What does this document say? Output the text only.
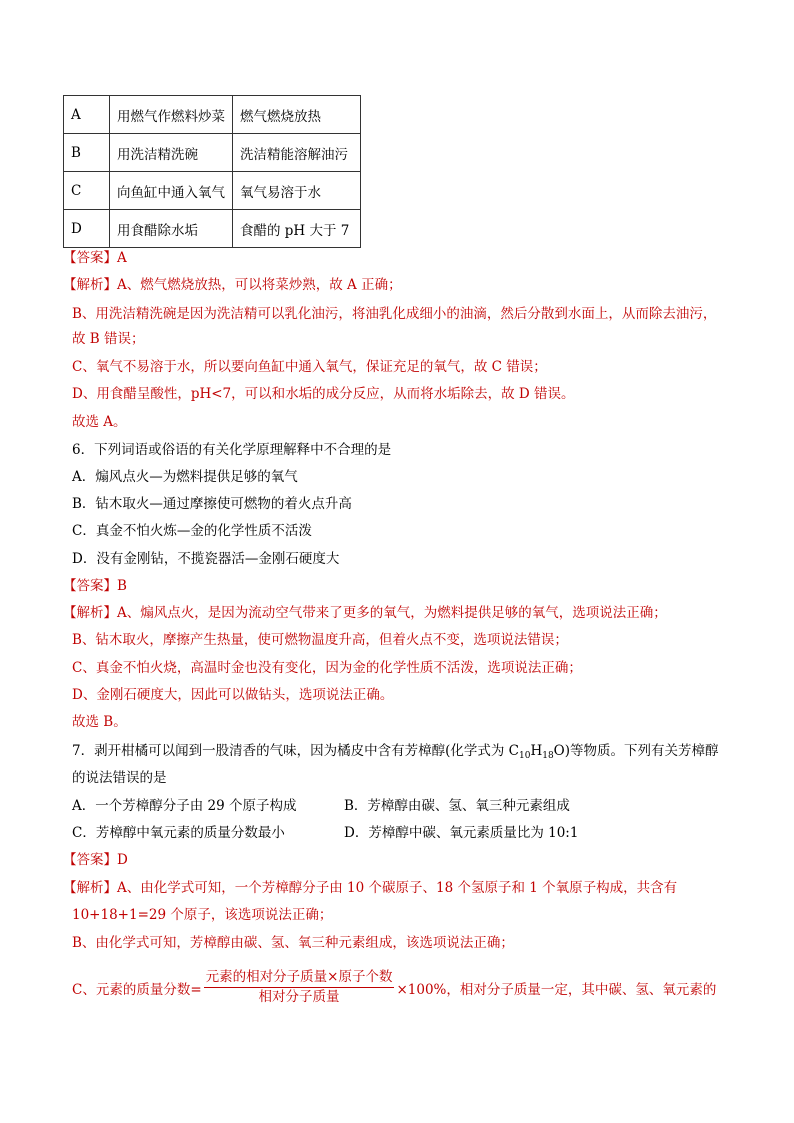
A	用燃气作燃料炒菜	燃气燃烧放热
B	用洗洁精洗碗	洗洁精能溶解油污
C	向鱼缸中通入氧气	氧气易溶于水
D	用食醋除水垢	食醋的 pH 大于 7
【答案】A
【解析】A、燃气燃烧放热，可以将菜炒熟，故 A 正确；
B、用洗洁精洗碗是因为洗洁精可以乳化油污，将油乳化成细小的油滴，然后分散到水面上，从而除去油污，
故 B 错误；
C、氧气不易溶于水，所以要向鱼缸中通入氧气，保证充足的氧气，故 C 错误；
D、用食醋呈酸性，pH<7，可以和水垢的成分反应，从而将水垢除去，故 D 错误。
故选 A。
6．下列词语或俗语的有关化学原理解释中不合理的是
A．煽风点火—为燃料提供足够的氧气
B．钻木取火—通过摩擦使可燃物的着火点升高
C．真金不怕火炼—金的化学性质不活泼
D．没有金刚钻，不揽瓷器活—金刚石硬度大
【答案】B
【解析】A、煽风点火，是因为流动空气带来了更多的氧气，为燃料提供足够的氧气，选项说法正确；
B、钻木取火，摩擦产生热量，使可燃物温度升高，但着火点不变，选项说法错误；
C、真金不怕火烧，高温时金也没有变化，因为金的化学性质不活泼，选项说法正确；
D、金刚石硬度大，因此可以做钻头，选项说法正确。
故选 B。
7．剥开柑橘可以闻到一股清香的气味，因为橘皮中含有芳樟醇(化学式为 $C_{10}H_{18}O$)等物质。下列有关芳樟醇
的说法错误的是
A．一个芳樟醇分子由 29 个原子构成	B．芳樟醇由碳、氢、氧三种元素组成
C．芳樟醇中氧元素的质量分数最小	D．芳樟醇中碳、氧元素质量比为 10:1
【答案】D
【解析】A、由化学式可知，一个芳樟醇分子由 10 个碳原子、18 个氢原子和 1 个氧原子构成，共含有
10+18+1=29 个原子，该选项说法正确；
B、由化学式可知，芳樟醇由碳、氢、氧三种元素组成，该选项说法正确；
C、元素的质量分数= $\frac{\text{元素的相对分子质量×原子个数}}{\text{相对分子质量}} \times 100\%$，相对分子质量一定，其中碳、氢、氧元素的
